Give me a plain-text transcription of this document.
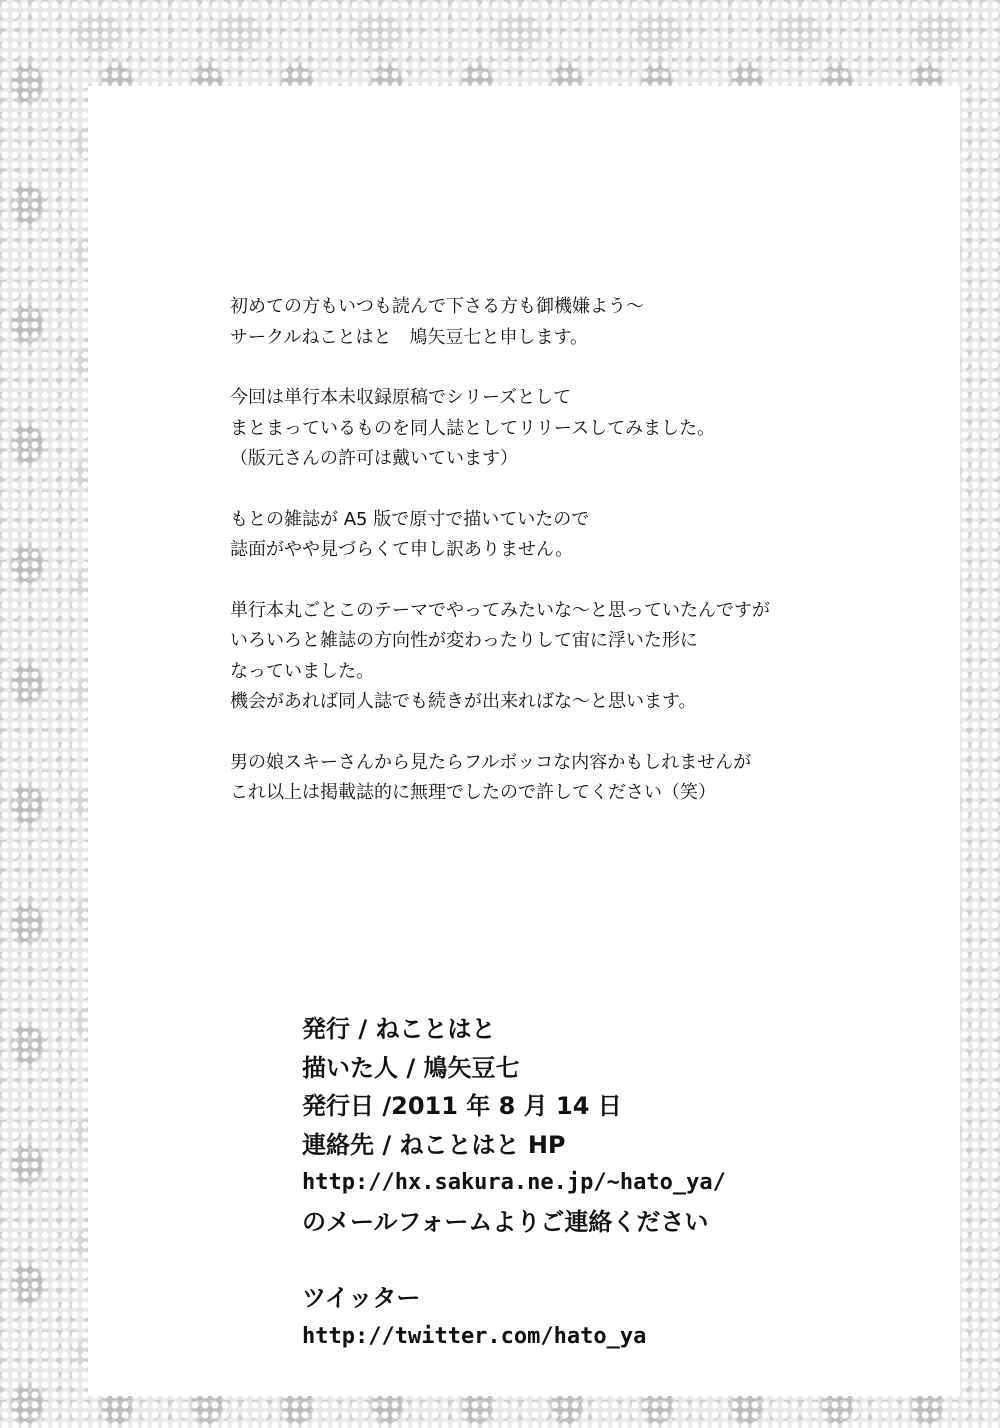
初めての方もいつも読んで下さる方も御機嫌よう～
サークルねことはと　鳩矢豆七と申します。

今回は単行本未収録原稿でシリーズとして
まとまっているものを同人誌としてリリースしてみました。
（版元さんの許可は戴いています）

もとの雑誌が A5 版で原寸で描いていたので
誌面がやや見づらくて申し訳ありません。

単行本丸ごとこのテーマでやってみたいな～と思っていたんですが
いろいろと雑誌の方向性が変わったりして宙に浮いた形に
なっていました。
機会があれば同人誌でも続きが出来ればな～と思います。

男の娘スキーさんから見たらフルボッコな内容かもしれませんが
これ以上は掲載誌的に無理でしたので許してください（笑）

発行 / ねことはと
描いた人 / 鳩矢豆七
発行日 /2011 年 8 月 14 日
連絡先 / ねことはと HP
http://hx.sakura.ne.jp/~hato_ya/
のメールフォームよりご連絡ください
ツイッター
http://twitter.com/hato_ya
